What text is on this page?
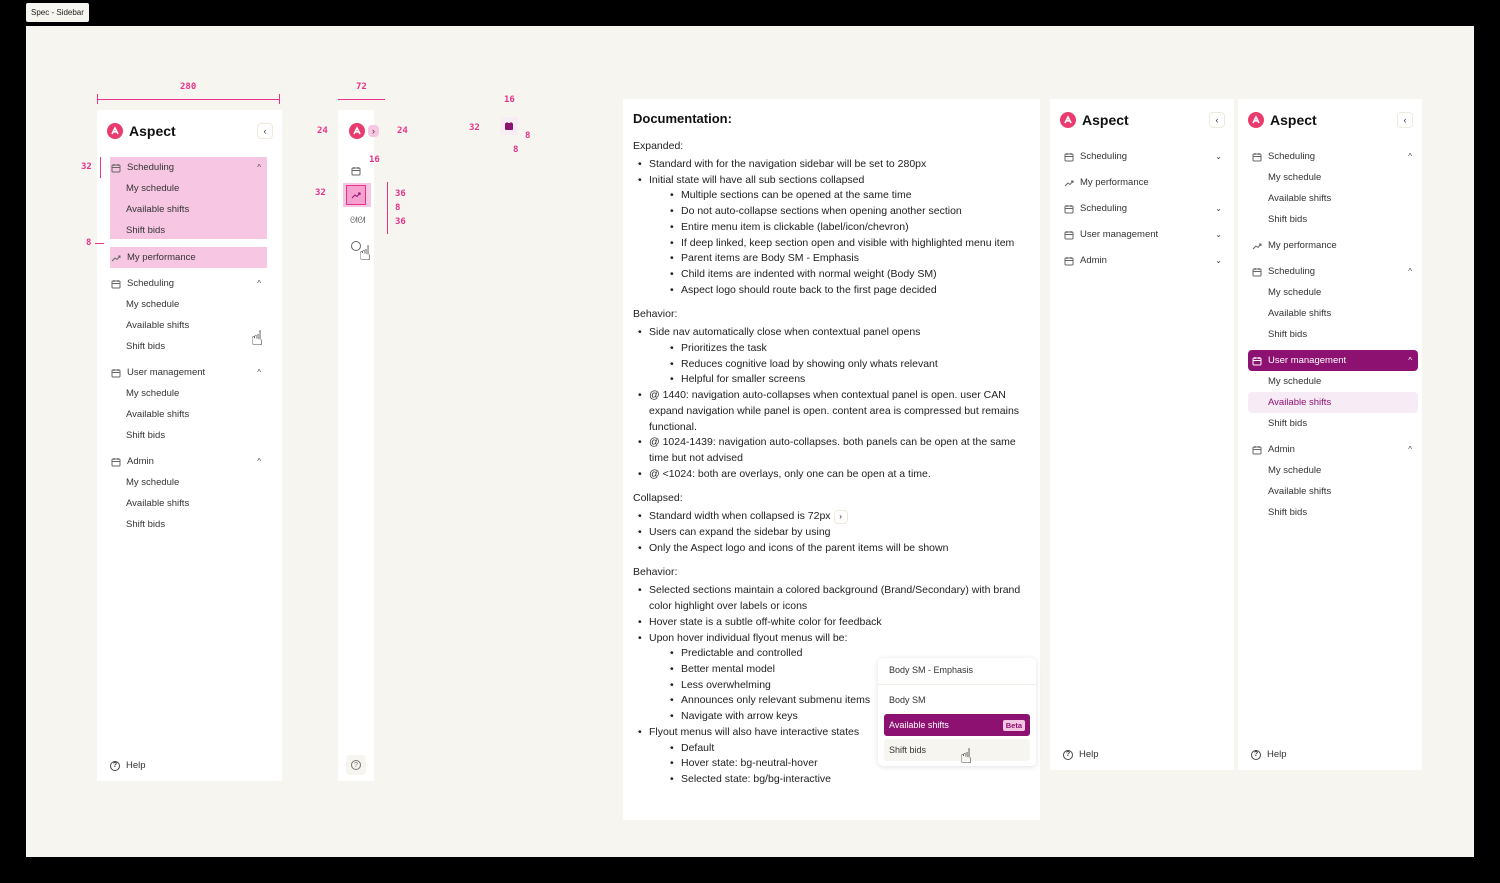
Spec - Sidebar
280
Aspect	‹
Scheduling	^
My schedule
Available shifts
Shift bids
My performance
Scheduling	^
My schedule
Available shifts
Shift bids
User management	^
My schedule
Available shifts
Shift bids
Admin	^
My schedule
Available shifts
Shift bids
? Help
32
8
☝
72
›
ᘛᘛ
?
24	24
16
32	36
8
36
☝
16
32
8
8
Documentation:
Expanded:
• Standard with for the navigation sidebar will be set to 280px
• Initial state will have all sub sections collapsed
• Multiple sections can be opened at the same time
• Do not auto-collapse sections when opening another section
• Entire menu item is clickable (label/icon/chevron)
• If deep linked, keep section open and visible with highlighted menu item
• Parent items are Body SM - Emphasis
• Child items are indented with normal weight (Body SM)
• Aspect logo should route back to the first page decided
Behavior:
• Side nav automatically close when contextual panel opens
• Prioritizes the task
• Reduces cognitive load by showing only whats relevant
• Helpful for smaller screens
• @ 1440: navigation auto-collapses when contextual panel is open. user CAN expand navigation while panel is open. content area is compressed but remains functional.
• @ 1024-1439: navigation auto-collapses. both panels can be open at the same time but not advised
• @ <1024: both are overlays, only one can be open at a time.
Collapsed:
• Standard width when collapsed is 72px ›
• Users can expand the sidebar by using
• Only the Aspect logo and icons of the parent items will be shown
Behavior:
• Selected sections maintain a colored background (Brand/Secondary) with brand color highlight over labels or icons
• Hover state is a subtle off-white color for feedback
• Upon hover individual flyout menus will be:
• Predictable and controlled
• Better mental model
• Less overwhelming
• Announces only relevant submenu items
• Navigate with arrow keys
• Flyout menus will also have interactive states
• Default
• Hover state: bg-neutral-hover
• Selected state: bg/bg-interactive
Body SM - Emphasis
Body SM
Available shifts	Beta
Shift bids	☝
Aspect	‹
Scheduling	⌄
My performance
Scheduling	⌄
User management	⌄
Admin	⌄
? Help
Aspect	‹
Scheduling	^
My schedule
Available shifts
Shift bids
My performance
Scheduling	^
My schedule
Available shifts
Shift bids
User management	^
My schedule
Available shifts
Shift bids
Admin	^
My schedule
Available shifts
Shift bids
? Help
